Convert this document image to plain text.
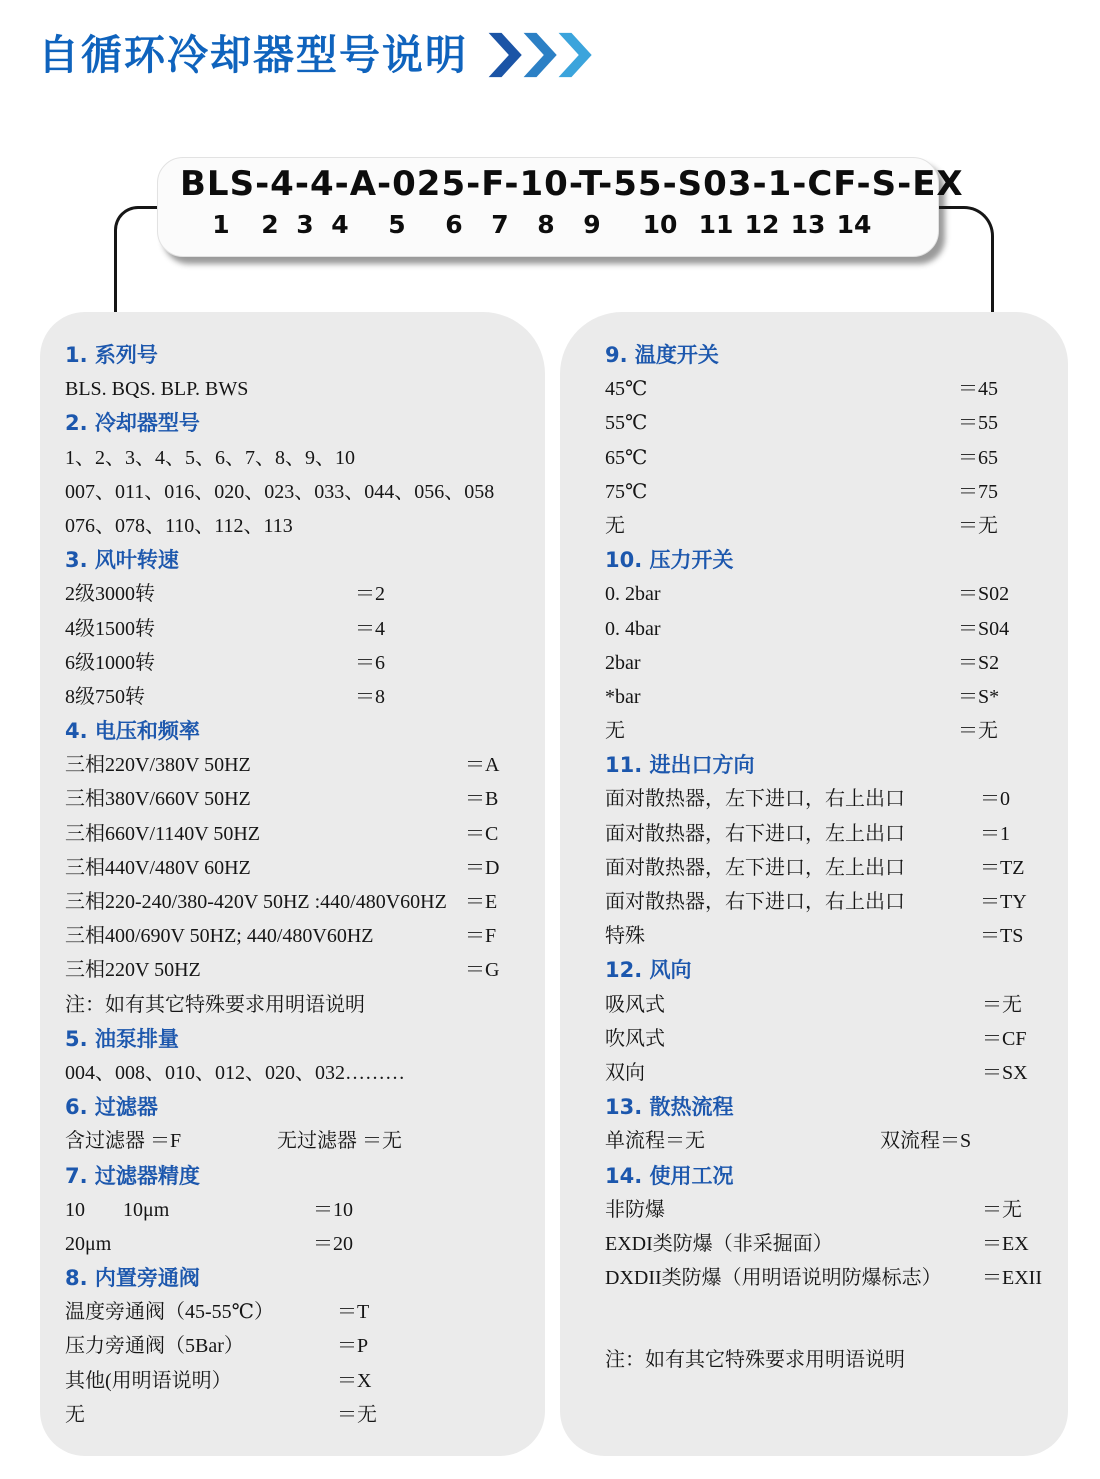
自循环冷却器型号说明
BLS-4-4-A-025-F-10-T-55-S03-1-CF-S-EX
1 2 3 4 5 6 7 8 9 10 11 12 13 14
1. 系列号
BLS. BQS. BLP. BWS
2. 冷却器型号
1、2、3、4、5、6、7、8、9、10
007、011、016、020、023、033、044、056、058
076、078、110、112、113
3. 风叶转速
2级3000转	＝2
4级1500转	＝4
6级1000转	＝6
8级750转	＝8
4. 电压和频率
三相220V/380V 50HZ	＝A
三相380V/660V 50HZ	＝B
三相660V/1140V 50HZ	＝C
三相440V/480V 60HZ	＝D
三相220-240/380-420V 50HZ :440/480V60HZ ＝E
三相400/690V 50HZ; 440/480V60HZ	＝F
三相220V 50HZ	＝G
注：如有其它特殊要求用明语说明
5. 油泵排量
004、008、010、012、020、032………
6. 过滤器
含过滤器 ＝F	无过滤器 ＝无
7. 过滤器精度
10 10μm	＝10
20μm	＝20
8. 内置旁通阀
温度旁通阀（45-55℃）	＝T
压力旁通阀（5Bar）	＝P
其他(用明语说明）	＝X
无	＝无
9. 温度开关
45℃	＝45
55℃	＝55
65℃	＝65
75℃	＝75
无	＝无
10. 压力开关
0. 2bar	＝S02
0. 4bar	＝S04
2bar	＝S2
*bar	＝S*
无	＝无
11. 进出口方向
面对散热器，左下进口，右上出口	＝0
面对散热器，右下进口，左上出口	＝1
面对散热器，左下进口，左上出口	＝TZ
面对散热器，右下进口，右上出口	＝TY
特殊	＝TS
12. 风向
吸风式	＝无
吹风式	＝CF
双向	＝SX
13. 散热流程
单流程＝无	双流程＝S
14. 使用工况
非防爆	＝无
EXDI类防爆（非采掘面）	＝EX
DXDII类防爆（用明语说明防爆标志） ＝EXII
注：如有其它特殊要求用明语说明
